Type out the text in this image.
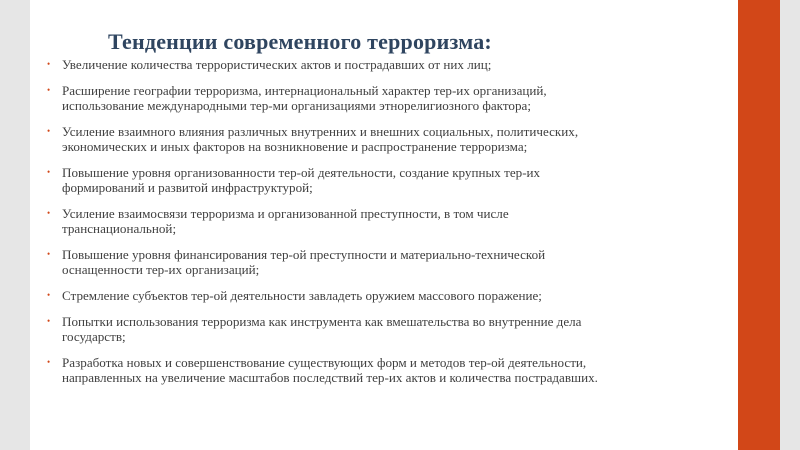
Тенденции современного терроризма:
• Увеличение количества террористических актов и пострадавших от них лиц;
• Расширение географии терроризма, интернациональный характер тер-их организаций,
использование международными тер-ми организациями этнорелигиозного фактора;
• Усиление взаимного влияния различных внутренних и внешних социальных, политических,
экономических и иных факторов на возникновение и распространение терроризма;
• Повышение уровня организованности тер-ой деятельности, создание крупных тер-их
формирований и развитой инфраструктурой;
• Усиление взаимосвязи терроризма и организованной преступности, в том числе
транснациональной;
• Повышение уровня финансирования тер-ой преступности и материально-технической
оснащенности тер-их организаций;
• Стремление субъектов тер-ой деятельности завладеть оружием массового поражение;
• Попытки использования терроризма как инструмента как вмешательства во внутренние дела
государств;
• Разработка новых и совершенствование существующих форм и методов тер-ой деятельности,
направленных на увеличение масштабов последствий тер-их актов и количества пострадавших.
